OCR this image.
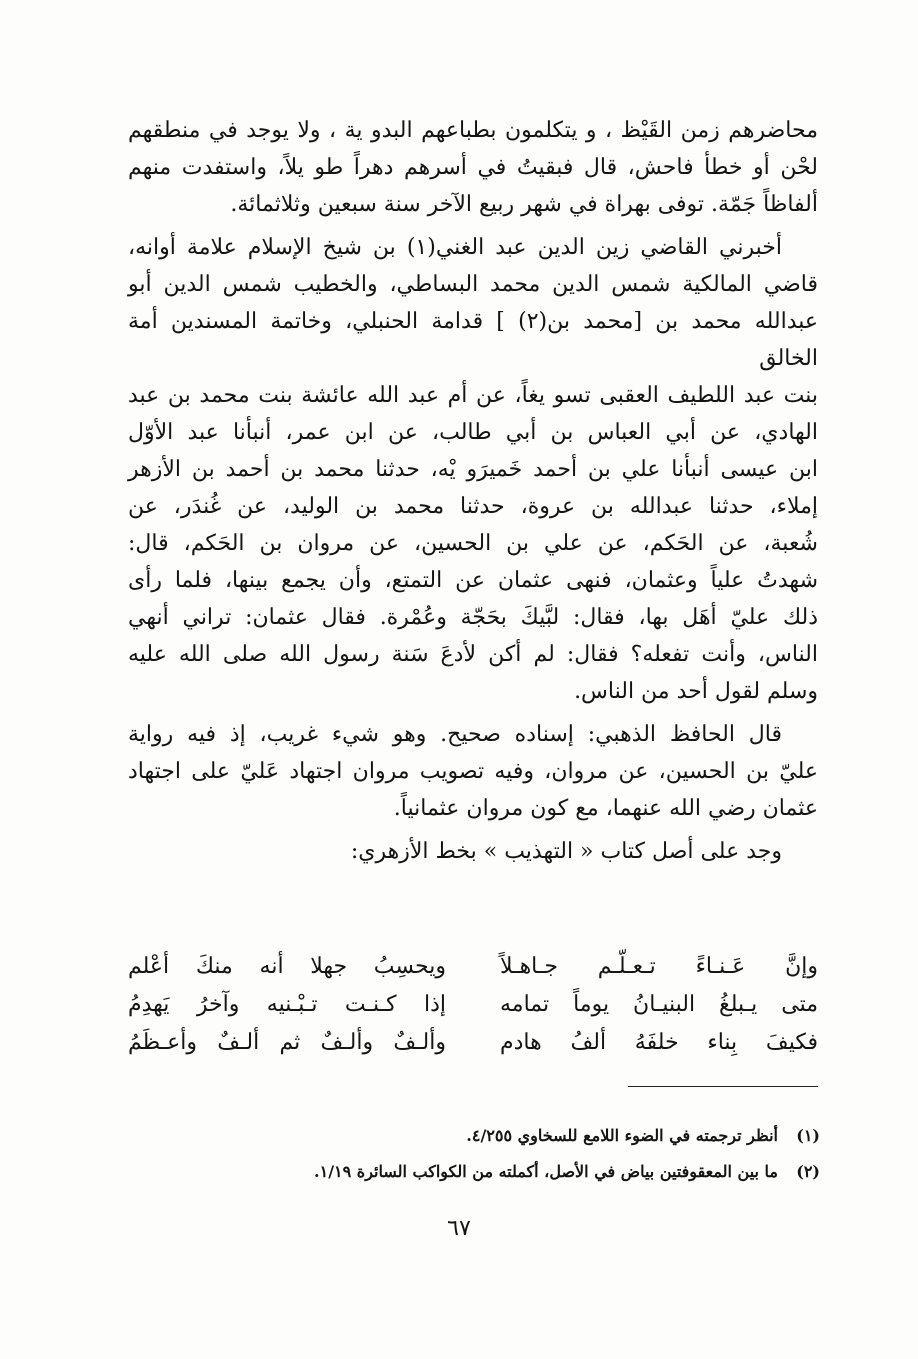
محاضرهم زمن القَيْظ ، و يتكلمون بطباعهم البدو ية ، ولا يوجد في منطقهم
لحْن أو خطأ فاحش، قال فبقيتُ في أسرهم دهراً طو يلاً، واستفدت منهم
ألفاظاً جَمّة. توفى بهراة في شهر ربيع الآخر سنة سبعين وثلاثمائة.
أخبرني القاضي زين الدين عبد الغني(١) بن شيخ الإسلام علامة أوانه،
قاضي المالكية شمس الدين محمد البساطي، والخطيب شمس الدين أبو
عبدالله محمد بن [محمد بن(٢) ] قدامة الحنبلي، وخاتمة المسندين أمة الخالق
بنت عبد اللطيف العقبى تسو يغاً، عن أم عبد الله عائشة بنت محمد بن عبد
الهادي، عن أبي العباس بن أبي طالب، عن ابن عمر، أنبأنا عبد الأوّل
ابن عيسى أنبأنا علي بن أحمد خَميرَو يْه، حدثنا محمد بن أحمد بن الأزهر
إملاء، حدثنا عبدالله بن عروة، حدثنا محمد بن الوليد، عن غُندَر، عن
شُعبة، عن الحَكم، عن علي بن الحسين، عن مروان بن الحَكم، قال:
شهدتُ علياً وعثمان، فنهى عثمان عن التمتع، وأن يجمع بينها، فلما رأى
ذلك عليّ أهَل بها، فقال: لبَّيكَ بحَجّة وعُمْرة. فقال عثمان: تراني أنهي
الناس، وأنت تفعله؟ فقال: لم أكن لأدعَ سَنة رسول الله صلى الله عليه
وسلم لقول أحد من الناس.
قال الحافظ الذهبي: إسناده صحيح. وهو شيء غريب، إذ فيه رواية
عليّ بن الحسين، عن مروان، وفيه تصويب مروان اجتهاد عَليّ على اجتهاد
عثمان رضي الله عنهما، مع كون مروان عثمانياً.
وجد على أصل كتاب « التهذيب » بخط الأزهري:
وإنَّ عَـنـاءً تـعـلّـم جـاهـلاً
ويحسِبُ جهلا أنه منكَ أعْلم
متى يـبلغُ البنيـانُ يوماً تمامه
إذا كـنـت تـبْـنيه وآخرُ يَهدِمُ
فكيفَ بِناء خلفَهُ ألفُ هادم
وألـفٌ وألـفٌ ثم ألـفٌ وأعـظَمُ
(١)أنظر ترجمته في الضوء اللامع للسخاوي ٤/٢٥٥.
(٢)ما بين المعقوفتين بياض في الأصل، أكملته من الكواكب السائرة ١/١٩.
٦٧
